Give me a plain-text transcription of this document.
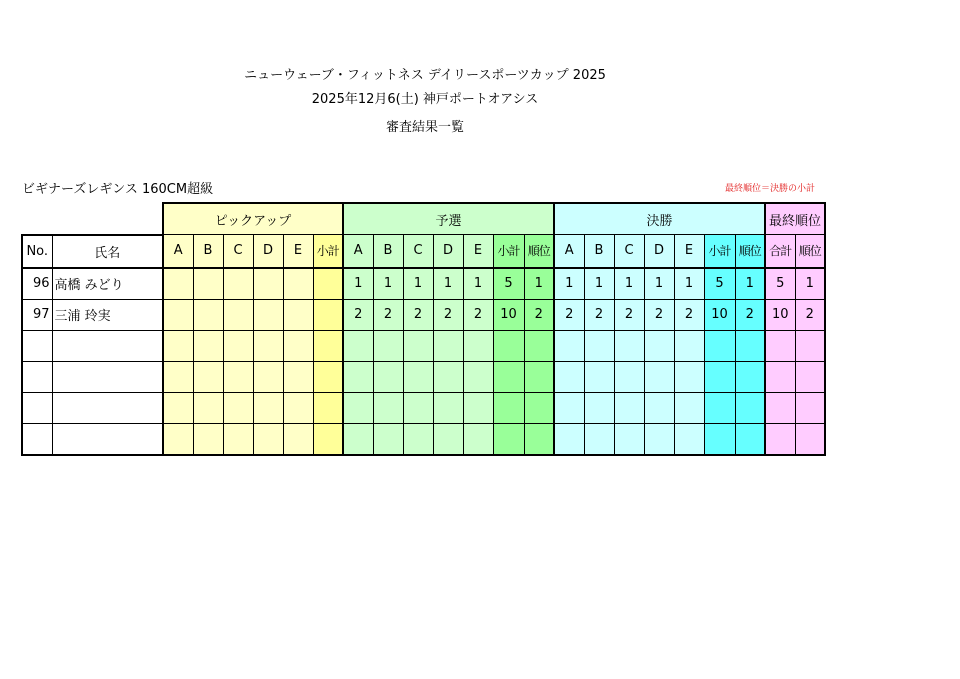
ニューウェーブ・フィットネス デイリースポーツカップ 2025
2025年12月6(土) 神戸ポートオアシス
審査結果一覧
ビギナーズレギンス 160CM超級	最終順位＝決勝の小計
		ピックアップ						予選							決勝							最終順位	
No.	氏名	A	B	C	D	E	小計	A	B	C	D	E	小計	順位	A	B	C	D	E	小計	順位	合計	順位
96	高橋 みどり							1	1	1	1	1	5	1	1	1	1	1	1	5	1	5	1
97	三浦 玲実							2	2	2	2	2	10	2	2	2	2	2	2	10	2	10	2
